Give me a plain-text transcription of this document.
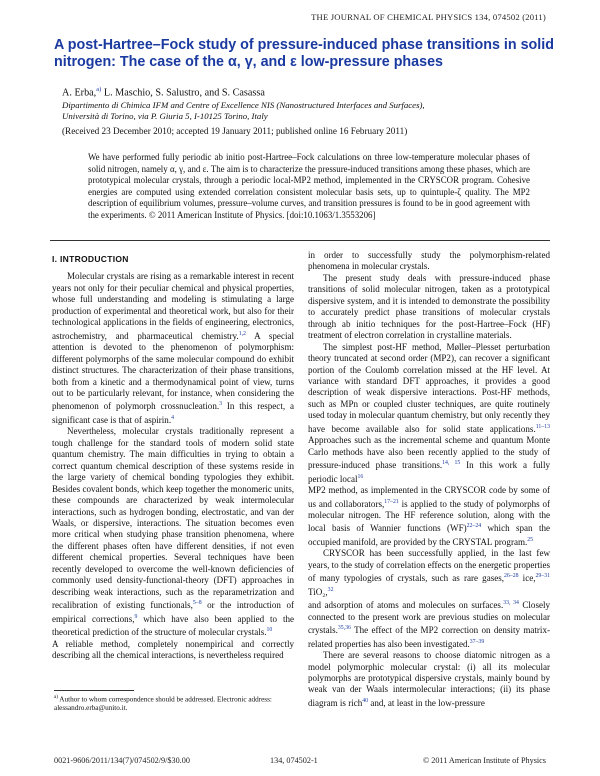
THE JOURNAL OF CHEMICAL PHYSICS 134, 074502 (2011)
A post-Hartree–Fock study of pressure-induced phase transitions in solid
nitrogen: The case of the α, γ, and ε low-pressure phases
A. Erba,$^{a)}$ L. Maschio, S. Salustro, and S. Casassa
Dipartimento di Chimica IFM and Centre of Excellence NIS (Nanostructured Interfaces and Surfaces),
Università di Torino, via P. Giuria 5, I-10125 Torino, Italy
(Received 23 December 2010; accepted 19 January 2011; published online 16 February 2011)

We have performed fully periodic ab initio post-Hartree–Fock calculations on three low-temperature molecular phases of solid nitrogen, namely α, γ, and ε. The aim is to characterize the pressure-induced transitions among these phases, which are prototypical molecular crystals, through a periodic local-MP2 method, implemented in the CRYSCOR program. Cohesive energies are computed using extended correlation consistent molecular basis sets, up to quintuple-ζ quality. The MP2 description of equilibrium volumes, pressure–volume curves, and transition pressures is found to be in good agreement with the experiments. © 2011 American Institute of Physics. [doi:10.1063/1.3553206]

I. INTRODUCTION

Molecular crystals are rising as a remarkable interest in recent years not only for their peculiar chemical and physical properties, whose full understanding and modeling is stimulating a large production of experimental and theoretical work, but also for their technological applications in the fields of engineering, electronics, astrochemistry, and pharmaceutical chemistry.$^{1,2}$ A special attention is devoted to the phenomenon of polymorphism: different polymorphs of the same molecular compound do exhibit distinct structures. The characterization of their phase transitions, both from a kinetic and a thermodynamical point of view, turns out to be particularly relevant, for instance, when considering the phenomenon of polymorph crossnucleation.$^3$ In this respect, a significant case is that of aspirin.$^4$

Nevertheless, molecular crystals traditionally represent a tough challenge for the standard tools of modern solid state quantum chemistry. The main difficulties in trying to obtain a correct quantum chemical description of these systems reside in the large variety of chemical bonding typologies they exhibit. Besides covalent bonds, which keep together the monomeric units, these compounds are characterized by weak intermolecular interactions, such as hydrogen bonding, electrostatic, and van der Waals, or dispersive, interactions. The situation becomes even more critical when studying phase transition phenomena, where the different phases often have different densities, if not even different chemical properties. Several techniques have been recently developed to overcome the well-known deficiencies of commonly used density-functional-theory (DFT) approaches in describing weak interactions, such as the reparametrization and recalibration of existing functionals,$^{5-8}$ or the introduction of empirical corrections,$^9$ which have also been applied to the theoretical prediction of the structure of molecular crystals.$^{10}$

A reliable method, completely nonempirical and correctly describing all the chemical interactions, is nevertheless required

in order to successfully study the polymorphism-related phenomena in molecular crystals.

The present study deals with pressure-induced phase transitions of solid molecular nitrogen, taken as a prototypical dispersive system, and it is intended to demonstrate the possibility to accurately predict phase transitions of molecular crystals through ab initio techniques for the post-Hartree–Fock (HF) treatment of electron correlation in crystalline materials.

The simplest post-HF method, Møller–Plesset perturbation theory truncated at second order (MP2), can recover a significant portion of the Coulomb correlation missed at the HF level. At variance with standard DFT approaches, it provides a good description of weak dispersive interactions. Post-HF methods, such as MPn or coupled cluster techniques, are quite routinely used today in molecular quantum chemistry, but only recently they have become available also for solid state applications.$^{11-13}$ Approaches such as the incremental scheme and quantum Monte Carlo methods have also been recently applied to the study of pressure-induced phase transitions.$^{14, 15}$ In this work a fully periodic local$^{16}$

MP2 method, as implemented in the CRYSCOR code by some of us and collaborators,$^{17-21}$ is applied to the study of polymorphs of molecular nitrogen. The HF reference solution, along with the local basis of Wannier functions (WF)$^{22-24}$ which span the occupied manifold, are provided by the CRYSTAL program.$^{25}$

CRYSCOR has been successfully applied, in the last few years, to the study of correlation effects on the energetic properties of many typologies of crystals, such as rare gases,$^{26-28}$ ice,$^{29-31}$ TiO₂,$^{32}$

and adsorption of atoms and molecules on surfaces.$^{33, 34}$ Closely connected to the present work are previous studies on molecular crystals.$^{35,36}$ The effect of the MP2 correction on density matrix-related properties has also been investigated.$^{37-39}$

There are several reasons to choose diatomic nitrogen as a model polymorphic molecular crystal: (i) all its molecular polymorphs are prototypical dispersive crystals, mainly bound by weak van der Waals intermolecular interactions; (ii) its phase diagram is rich$^{40}$ and, at least in the low-pressure

$^{a)}$ Author to whom correspondence should be addressed. Electronic address: alessandro.erba@unito.it.
0021-9606/2011/134(7)/074502/9/$30.00	134, 074502-1	© 2011 American Institute of Physics
